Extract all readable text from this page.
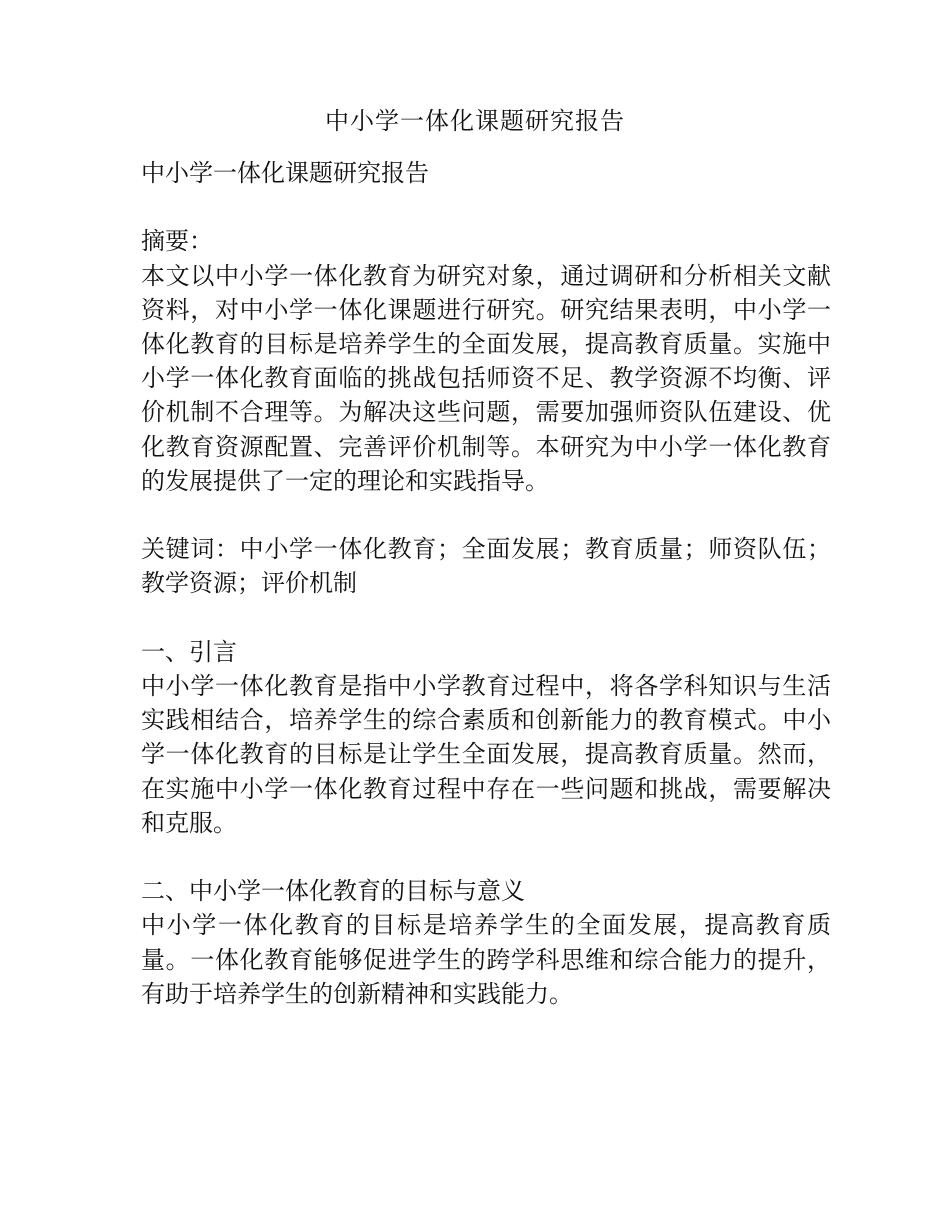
中小学一体化课题研究报告

中小学一体化课题研究报告

摘要：

本文以中小学一体化教育为研究对象，通过调研和分析相关文献资料，对中小学一体化课题进行研究。研究结果表明，中小学一体化教育的目标是培养学生的全面发展，提高教育质量。实施中小学一体化教育面临的挑战包括师资不足、教学资源不均衡、评价机制不合理等。为解决这些问题，需要加强师资队伍建设、优化教育资源配置、完善评价机制等。本研究为中小学一体化教育的发展提供了一定的理论和实践指导。

关键词：中小学一体化教育；全面发展；教育质量；师资队伍；教学资源；评价机制

一、引言

中小学一体化教育是指中小学教育过程中，将各学科知识与生活实践相结合，培养学生的综合素质和创新能力的教育模式。中小学一体化教育的目标是让学生全面发展，提高教育质量。然而，在实施中小学一体化教育过程中存在一些问题和挑战，需要解决和克服。

二、中小学一体化教育的目标与意义

中小学一体化教育的目标是培养学生的全面发展，提高教育质量。一体化教育能够促进学生的跨学科思维和综合能力的提升，有助于培养学生的创新精神和实践能力。
